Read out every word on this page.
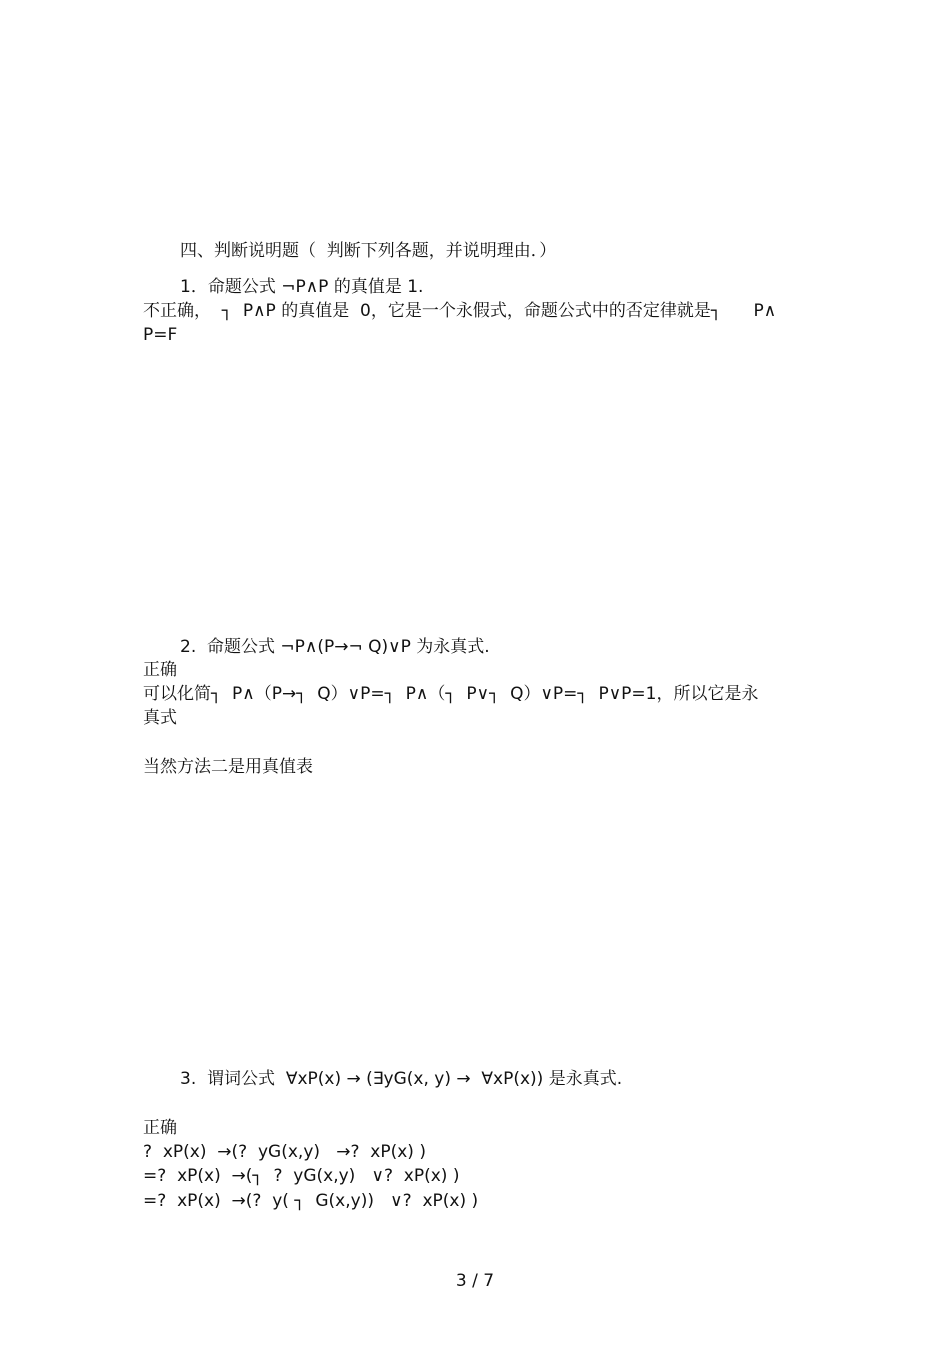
四、判断说明题（  判断下列各题，并说明理由．）
1．命题公式 ¬P∧P 的真值是 1.
不正确，  ┐  P∧P 的真值是  0，它是一个永假式，命题公式中的否定律就是┐      P∧
P=F
2.  命题公式 ¬P∧(P→¬ Q)∨P 为永真式.
正确
可以化简┐  P∧（P→┐  Q）∨P=┐  P∧（┐  P∨┐  Q）∨P=┐  P∨P=1，所以它是永
真式
当然方法二是用真值表
3.  谓词公式  ∀xP(x) → (∃yG(x, y) →  ∀xP(x)) 是永真式.
正确
?  xP(x)  →(?  yG(x,y)   →?  xP(x) )
=?  xP(x)  →(┐  ?  yG(x,y)   ∨?  xP(x) )
=?  xP(x)  →(?  y( ┐  G(x,y))   ∨?  xP(x) )
3 / 7
